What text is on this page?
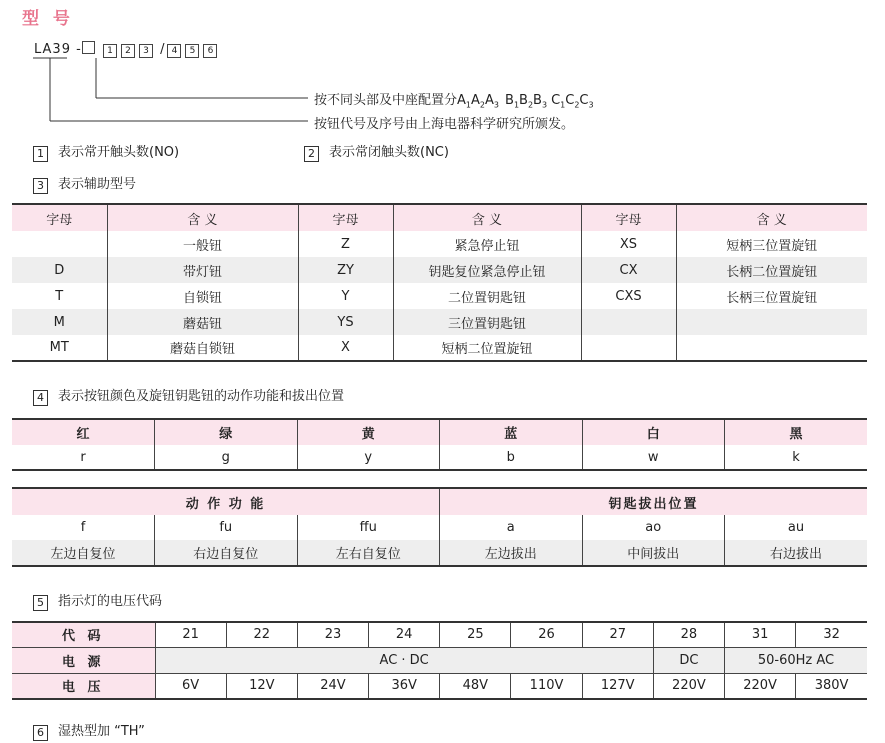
型 号
LA39 -	1 2 3 / 4 5 6
按不同头部及中座配置分$A_1A_2A_3$ $B_1B_2B_3$ $C_1C_2C_3$
按钮代号及序号由上海电器科学研究所颁发。
1 表示常开触头数(NO)	2 表示常闭触头数(NC)
3 表示辅助型号
字母	含 义	字母	含 义	字母	含 义
	一般钮	Z	紧急停止钮	XS	短柄三位置旋钮
D	带灯钮	ZY	钥匙复位紧急停止钮	CX	长柄二位置旋钮
T	自锁钮	Y	二位置钥匙钮	CXS	长柄三位置旋钮
M	蘑菇钮	YS	三位置钥匙钮		
MT	蘑菇自锁钮	X	短柄二位置旋钮		
4 表示按钮颜色及旋钮钥匙钮的动作功能和拔出位置
红	绿	黄	蓝	白	黑
r	g	y	b	w	k
动 作 功 能			钥匙拔出位置		
f	fu	ffu	a	ao	au
左边自复位	右边自复位	左右自复位	左边拔出	中间拔出	右边拔出
5 指示灯的电压代码
代 码	21	22	23	24	25	26	27	28	31	32
电 源	AC · DC							DC	50-60Hz AC	
电 压	6V	12V	24V	36V	48V	110V	127V	220V	220V	380V
6 湿热型加 “TH”
